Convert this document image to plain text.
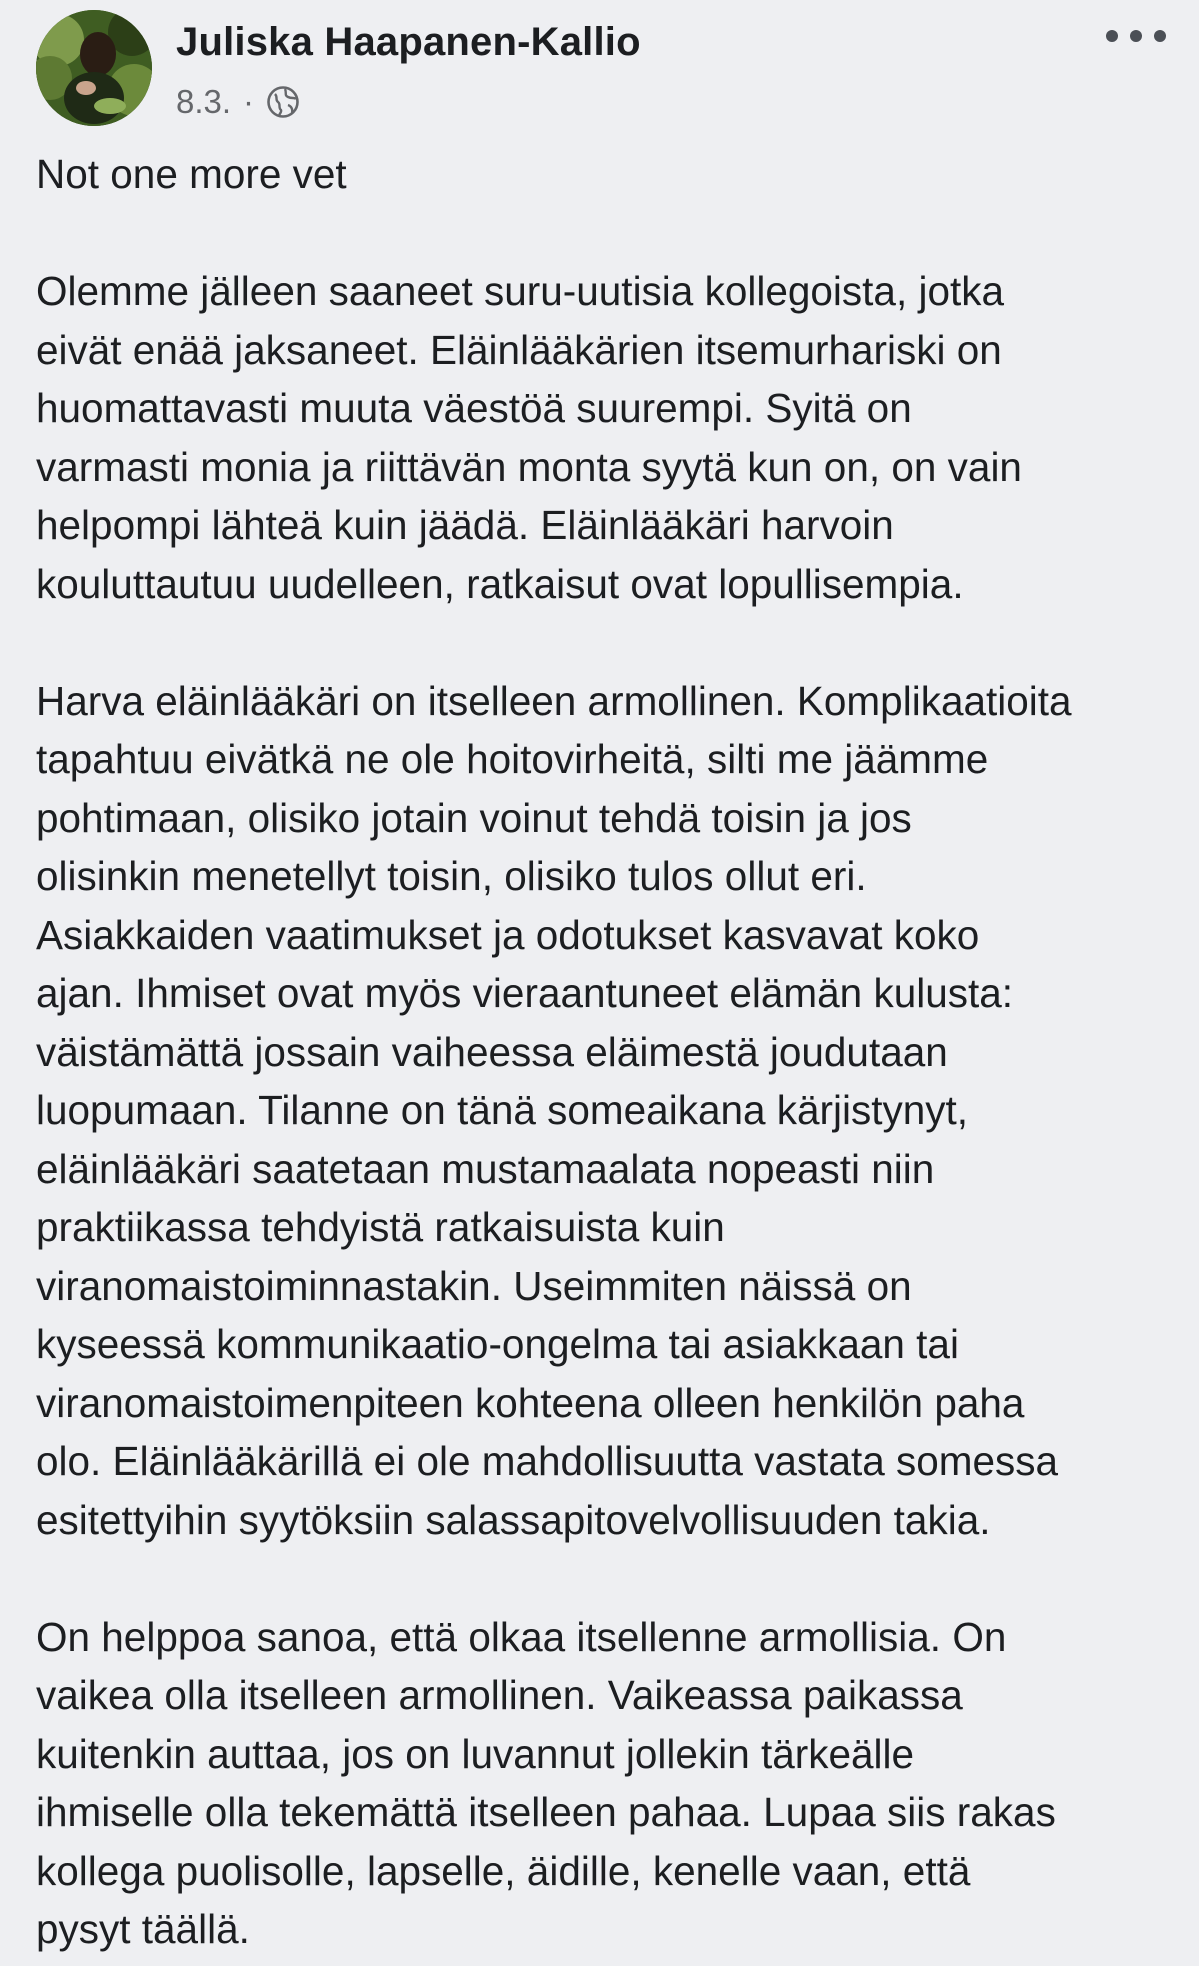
Juliska Haapanen-Kallio
8.3. ·
Not one more vet
Olemme jälleen saaneet suru-uutisia kollegoista, jotka
eivät enää jaksaneet. Eläinlääkärien itsemurhariski on
huomattavasti muuta väestöä suurempi. Syitä on
varmasti monia ja riittävän monta syytä kun on, on vain
helpompi lähteä kuin jäädä. Eläinlääkäri harvoin
kouluttautuu uudelleen, ratkaisut ovat lopullisempia.
Harva eläinlääkäri on itselleen armollinen. Komplikaatioita
tapahtuu eivätkä ne ole hoitovirheitä, silti me jäämme
pohtimaan, olisiko jotain voinut tehdä toisin ja jos
olisinkin menetellyt toisin, olisiko tulos ollut eri.
Asiakkaiden vaatimukset ja odotukset kasvavat koko
ajan. Ihmiset ovat myös vieraantuneet elämän kulusta:
väistämättä jossain vaiheessa eläimestä joudutaan
luopumaan. Tilanne on tänä someaikana kärjistynyt,
eläinlääkäri saatetaan mustamaalata nopeasti niin
praktiikassa tehdyistä ratkaisuista kuin
viranomaistoiminnastakin. Useimmiten näissä on
kyseessä kommunikaatio-ongelma tai asiakkaan tai
viranomaistoimenpiteen kohteena olleen henkilön paha
olo. Eläinlääkärillä ei ole mahdollisuutta vastata somessa
esitettyihin syytöksiin salassapitovelvollisuuden takia.
On helppoa sanoa, että olkaa itsellenne armollisia. On
vaikea olla itselleen armollinen. Vaikeassa paikassa
kuitenkin auttaa, jos on luvannut jollekin tärkeälle
ihmiselle olla tekemättä itselleen pahaa. Lupaa siis rakas
kollega puolisolle, lapselle, äidille, kenelle vaan, että
pysyt täällä.
